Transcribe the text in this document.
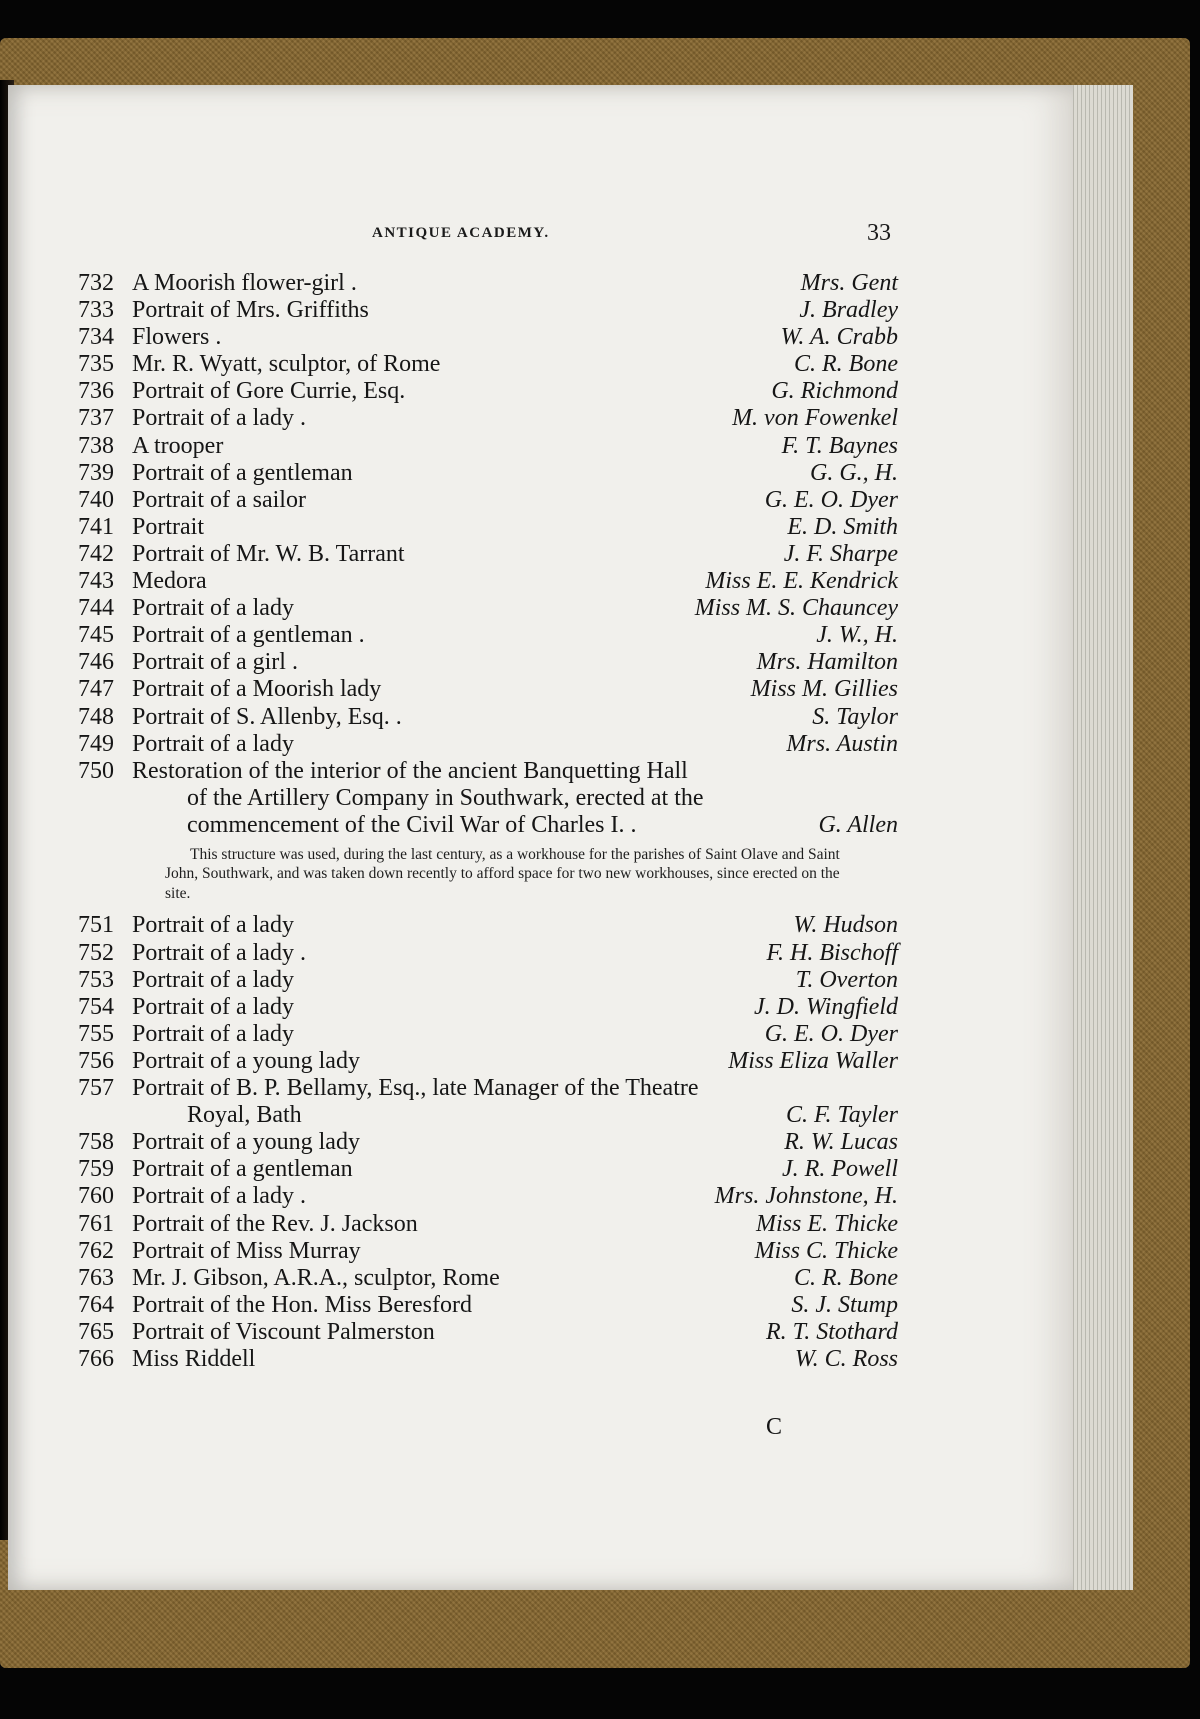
ANTIQUE ACADEMY.	33
732 A Moorish flower-girl .	Mrs. Gent
733 Portrait of Mrs. Griffiths	J. Bradley
734 Flowers .	W. A. Crabb
735 Mr. R. Wyatt, sculptor, of Rome	C. R. Bone
736 Portrait of Gore Currie, Esq.	G. Richmond
737 Portrait of a lady .	M. von Fowenkel
738 A trooper	F. T. Baynes
739 Portrait of a gentleman	G. G., H.
740 Portrait of a sailor	G. E. O. Dyer
741 Portrait	E. D. Smith
742 Portrait of Mr. W. B. Tarrant	J. F. Sharpe
743 Medora	Miss E. E. Kendrick
744 Portrait of a lady	Miss M. S. Chauncey
745 Portrait of a gentleman .	J. W., H.
746 Portrait of a girl .	Mrs. Hamilton
747 Portrait of a Moorish lady	Miss M. Gillies
748 Portrait of S. Allenby, Esq. .	S. Taylor
749 Portrait of a lady	Mrs. Austin
750 Restoration of the interior of the ancient Banquetting Hall
of the Artillery Company in Southwark, erected at the
commencement of the Civil War of Charles I. .	G. Allen
This structure was used, during the last century, as a workhouse for the parishes of Saint Olave and Saint John, Southwark, and was taken down recently to afford space for two new workhouses, since erected on the site.
751 Portrait of a lady	W. Hudson
752 Portrait of a lady .	F. H. Bischoff
753 Portrait of a lady	T. Overton
754 Portrait of a lady	J. D. Wingfield
755 Portrait of a lady	G. E. O. Dyer
756 Portrait of a young lady	Miss Eliza Waller
757 Portrait of B. P. Bellamy, Esq., late Manager of the Theatre
Royal, Bath	C. F. Tayler
758 Portrait of a young lady	R. W. Lucas
759 Portrait of a gentleman	J. R. Powell
760 Portrait of a lady .	Mrs. Johnstone, H.
761 Portrait of the Rev. J. Jackson	Miss E. Thicke
762 Portrait of Miss Murray	Miss C. Thicke
763 Mr. J. Gibson, A.R.A., sculptor, Rome	C. R. Bone
764 Portrait of the Hon. Miss Beresford	S. J. Stump
765 Portrait of Viscount Palmerston	R. T. Stothard
766 Miss Riddell	W. C. Ross
C
